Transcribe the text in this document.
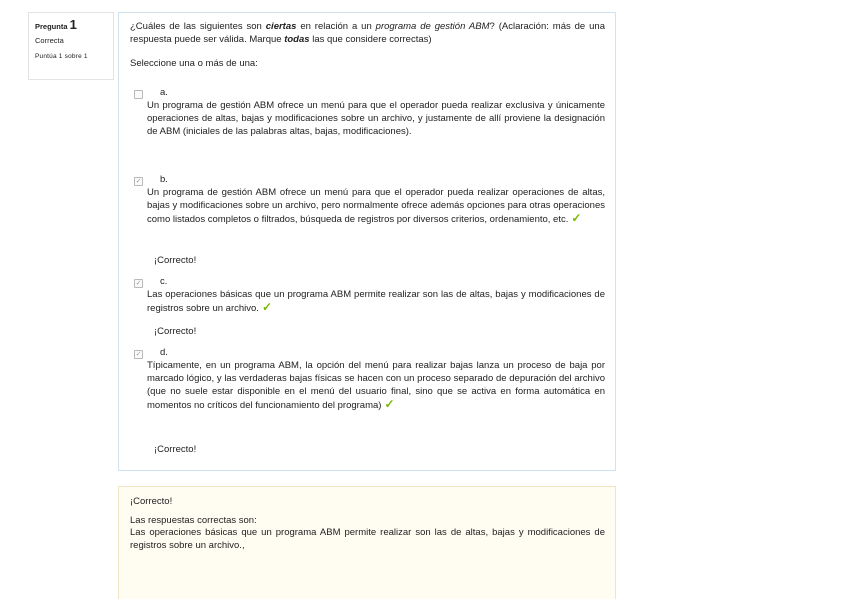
Pregunta 1
Correcta
Puntúa 1 sobre 1
¿Cuáles de las siguientes son ciertas en relación a un programa de gestión ABM? (Aclaración: más de una respuesta puede ser válida. Marque todas las que considere correctas)
Seleccione una o más de una:
a.
Un programa de gestión ABM ofrece un menú para que el operador pueda realizar exclusiva y únicamente operaciones de altas, bajas y modificaciones sobre un archivo, y justamente de allí proviene la designación de ABM (iniciales de las palabras altas, bajas, modificaciones).
✓ b.
Un programa de gestión ABM ofrece un menú para que el operador pueda realizar operaciones de altas, bajas y modificaciones sobre un archivo, pero normalmente ofrece además opciones para otras operaciones como listados completos o filtrados, búsqueda de registros por diversos criterios, ordenamiento, etc. ✓
¡Correcto!
✓ c.
Las operaciones básicas que un programa ABM permite realizar son las de altas, bajas y modificaciones de registros sobre un archivo. ✓
¡Correcto!
✓ d.
Típicamente, en un programa ABM, la opción del menú para realizar bajas lanza un proceso de baja por marcado lógico, y las verdaderas bajas físicas se hacen con un proceso separado de depuración del archivo (que no suele estar disponible en el menú del usuario final, sino que se activa en forma automática en momentos no críticos del funcionamiento del programa) ✓
¡Correcto!
¡Correcto!
Las respuestas correctas son:
Las operaciones básicas que un programa ABM permite realizar son las de altas, bajas y modificaciones de registros sobre un archivo.,
